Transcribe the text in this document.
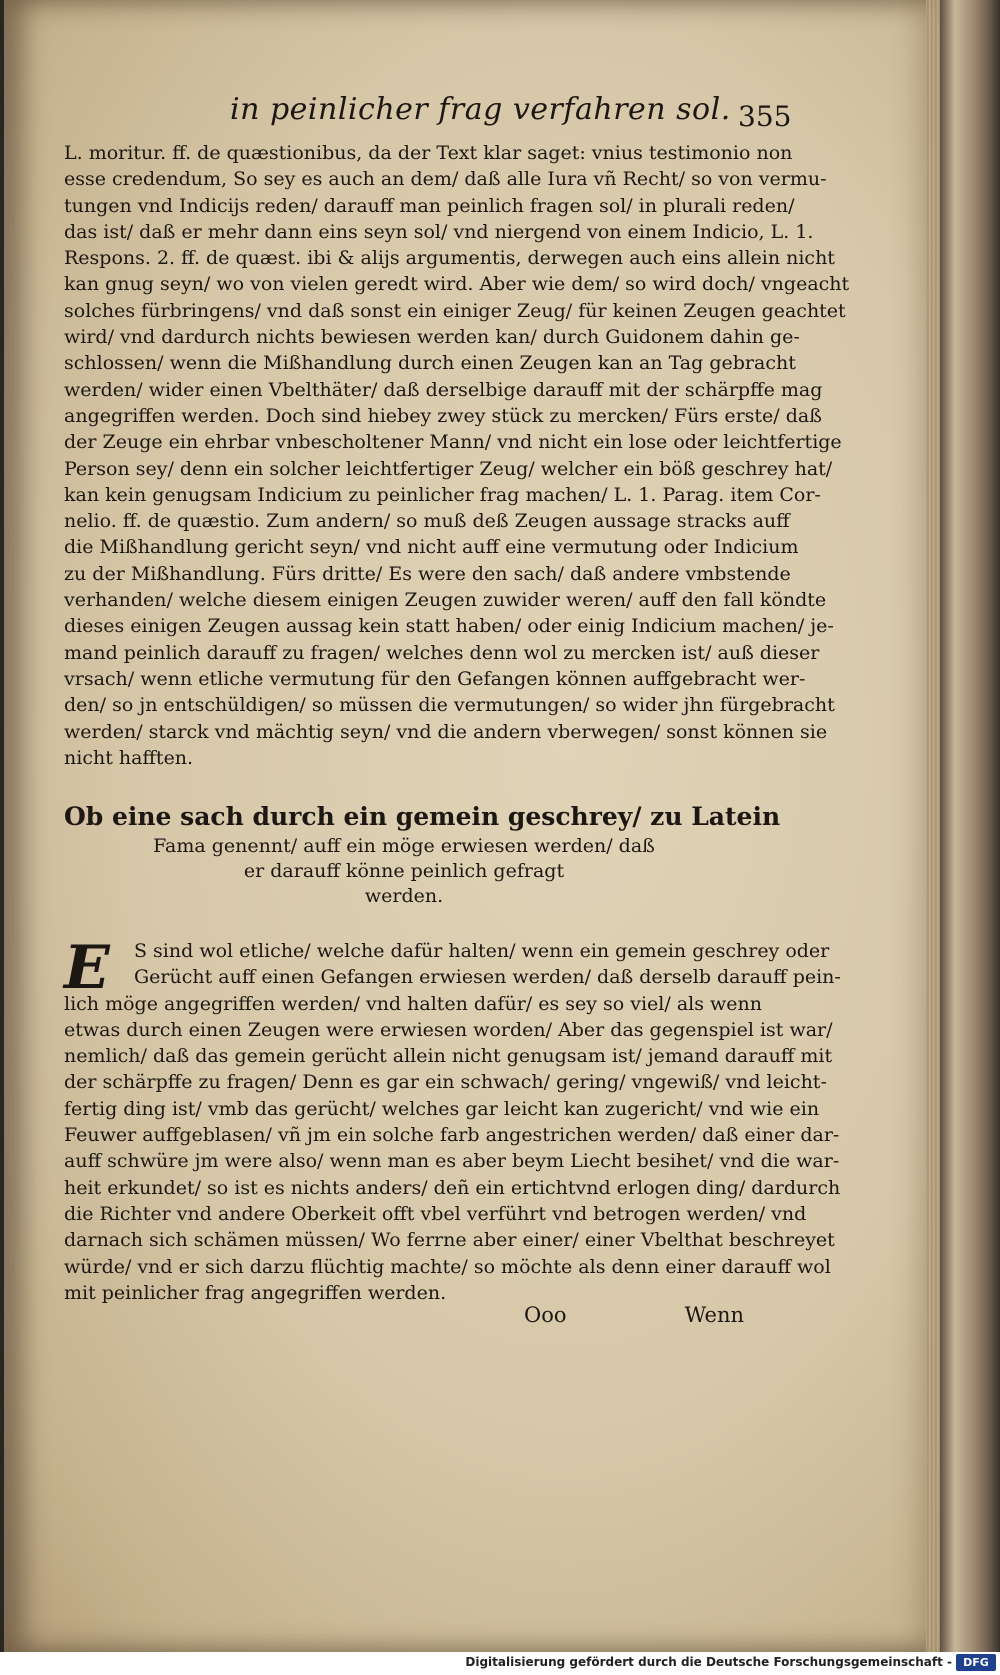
in peinlicher frag verfahren sol. 355
L. moritur. ff. de quæstionibus, da der Text klar saget: vnius testimonio non
esse credendum, So sey es auch an dem/ daß alle Iura vñ Recht/ so von vermu-
tungen vnd Indicijs reden/ darauff man peinlich fragen sol/ in plurali reden/
das ist/ daß er mehr dann eins seyn sol/ vnd niergend von einem Indicio, L. 1.
Respons. 2. ff. de quæst. ibi & alijs argumentis, derwegen auch eins allein nicht
kan gnug seyn/ wo von vielen geredt wird. Aber wie dem/ so wird doch/ vngeacht
solches fürbringens/ vnd daß sonst ein einiger Zeug/ für keinen Zeugen geachtet
wird/ vnd dardurch nichts bewiesen werden kan/ durch Guidonem dahin ge-
schlossen/ wenn die Mißhandlung durch einen Zeugen kan an Tag gebracht
werden/ wider einen Vbelthäter/ daß derselbige darauff mit der schärpffe mag
angegriffen werden. Doch sind hiebey zwey stück zu mercken/ Fürs erste/ daß
der Zeuge ein ehrbar vnbescholtener Mann/ vnd nicht ein lose oder leichtfertige
Person sey/ denn ein solcher leichtfertiger Zeug/ welcher ein böß geschrey hat/
kan kein genugsam Indicium zu peinlicher frag machen/ L. 1. Parag. item Cor-
nelio. ff. de quæstio. Zum andern/ so muß deß Zeugen aussage stracks auff
die Mißhandlung gericht seyn/ vnd nicht auff eine vermutung oder Indicium
zu der Mißhandlung. Fürs dritte/ Es were den sach/ daß andere vmbstende
verhanden/ welche diesem einigen Zeugen zuwider weren/ auff den fall köndte
dieses einigen Zeugen aussag kein statt haben/ oder einig Indicium machen/ je-
mand peinlich darauff zu fragen/ welches denn wol zu mercken ist/ auß dieser
vrsach/ wenn etliche vermutung für den Gefangen können auffgebracht wer-
den/ so jn entschüldigen/ so müssen die vermutungen/ so wider jhn fürgebracht
werden/ starck vnd mächtig seyn/ vnd die andern vberwegen/ sonst können sie
nicht hafften.
Ob eine sach durch ein gemein geschrey/ zu Latein
Fama genennt/ auff ein möge erwiesen werden/ daß
er darauff könne peinlich gefragt
werden.
E	S sind wol etliche/ welche dafür halten/ wenn ein gemein geschrey oder
Gerücht auff einen Gefangen erwiesen werden/ daß derselb darauff pein-
lich möge angegriffen werden/ vnd halten dafür/ es sey so viel/ als wenn
etwas durch einen Zeugen were erwiesen worden/ Aber das gegenspiel ist war/
nemlich/ daß das gemein gerücht allein nicht genugsam ist/ jemand darauff mit
der schärpffe zu fragen/ Denn es gar ein schwach/ gering/ vngewiß/ vnd leicht-
fertig ding ist/ vmb das gerücht/ welches gar leicht kan zugericht/ vnd wie ein
Feuwer auffgeblasen/ vñ jm ein solche farb angestrichen werden/ daß einer dar-
auff schwüre jm were also/ wenn man es aber beym Liecht besihet/ vnd die war-
heit erkundet/ so ist es nichts anders/ deñ ein ertichtvnd erlogen ding/ dardurch
die Richter vnd andere Oberkeit offt vbel verführt vnd betrogen werden/ vnd
darnach sich schämen müssen/ Wo ferrne aber einer/ einer Vbelthat beschreyet
würde/ vnd er sich darzu flüchtig machte/ so möchte als denn einer darauff wol
mit peinlicher frag angegriffen werden.
Ooo	Wenn
Digitalisierung gefördert durch die Deutsche Forschungsgemeinschaft -	DFG
